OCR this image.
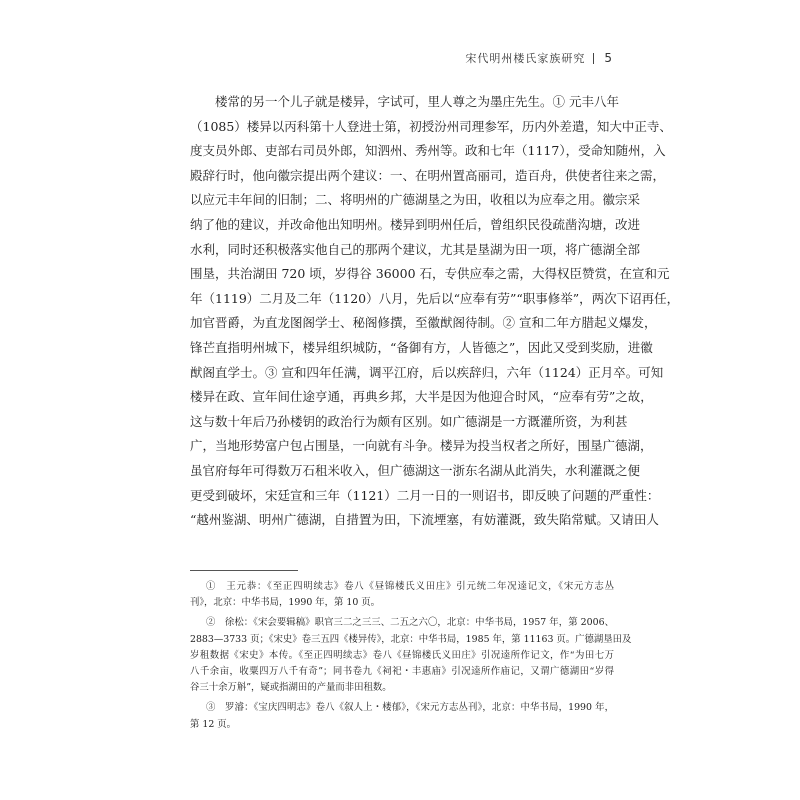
宋代明州楼氏家族研究 5
楼常的另一个儿子就是楼异，字试可，里人尊之为墨庄先生。① 元丰八年
（1085）楼异以丙科第十人登进士第，初授汾州司理参军，历内外差遣，知大中正寺、
度支员外郎、吏部右司员外郎，知泗州、秀州等。政和七年（1117），受命知随州，入
殿辞行时，他向徽宗提出两个建议：一、在明州置高丽司，造百舟，供使者往来之需，
以应元丰年间的旧制；二、将明州的广德湖垦之为田，收租以为应奉之用。徽宗采
纳了他的建议，并改命他出知明州。楼异到明州任后，曾组织民役疏凿沟塘，改进
水利，同时还积极落实他自己的那两个建议，尤其是垦湖为田一项，将广德湖全部
围垦，共治湖田 720 顷，岁得谷 36000 石，专供应奉之需，大得权臣赞赏，在宣和元
年（1119）二月及二年（1120）八月，先后以“应奉有劳”“职事修举”，两次下诏再任，
加官晋爵，为直龙图阁学士、秘阁修撰，至徽猷阁待制。② 宣和二年方腊起义爆发，
锋芒直指明州城下，楼异组织城防，“备御有方，人皆德之”，因此又受到奖励，进徽
猷阁直学士。③ 宣和四年任满，调平江府，后以疾辞归，六年（1124）正月卒。可知
楼异在政、宣年间仕途亨通，再典乡邦，大半是因为他迎合时风，“应奉有劳”之故，
这与数十年后乃孙楼钥的政治行为颇有区别。如广德湖是一方溉灌所资，为利甚
广，当地形势富户包占围垦，一向就有斗争。楼异为投当权者之所好，围垦广德湖，
虽官府每年可得数万石租米收入，但广德湖这一浙东名湖从此消失，水利灌溉之便
更受到破坏，宋廷宣和三年（1121）二月一日的一则诏书，即反映了问题的严重性：
“越州鉴湖、明州广德湖，自措置为田，下流堙塞，有妨灌溉，致失陷常赋。又请田人
①　王元恭：《至正四明续志》卷八《昼锦楼氏义田庄》引元统二年况逵记文，《宋元方志丛
刊》，北京：中华书局，1990 年，第 10 页。
②　徐松：《宋会要辑稿》职官三二之三三、二五之六〇，北京：中华书局，1957 年，第 2006、
2883—3733 页；《宋史》卷三五四《楼异传》，北京：中华书局，1985 年，第 11163 页。广德湖垦田及
岁租数据《宋史》本传。《至正四明续志》卷八《昼锦楼氏义田庄》引况逵所作记文，作“为田七万
八千余亩，收粟四万八千有奇”；同书卷九《祠祀・丰惠庙》引况逵所作庙记，又谓广德湖田“岁得
谷三十余万斛”，疑或指湖田的产量而非田租数。
③　罗濬：《宝庆四明志》卷八《叙人上・楼郁》，《宋元方志丛刊》，北京：中华书局，1990 年，
第 12 页。
